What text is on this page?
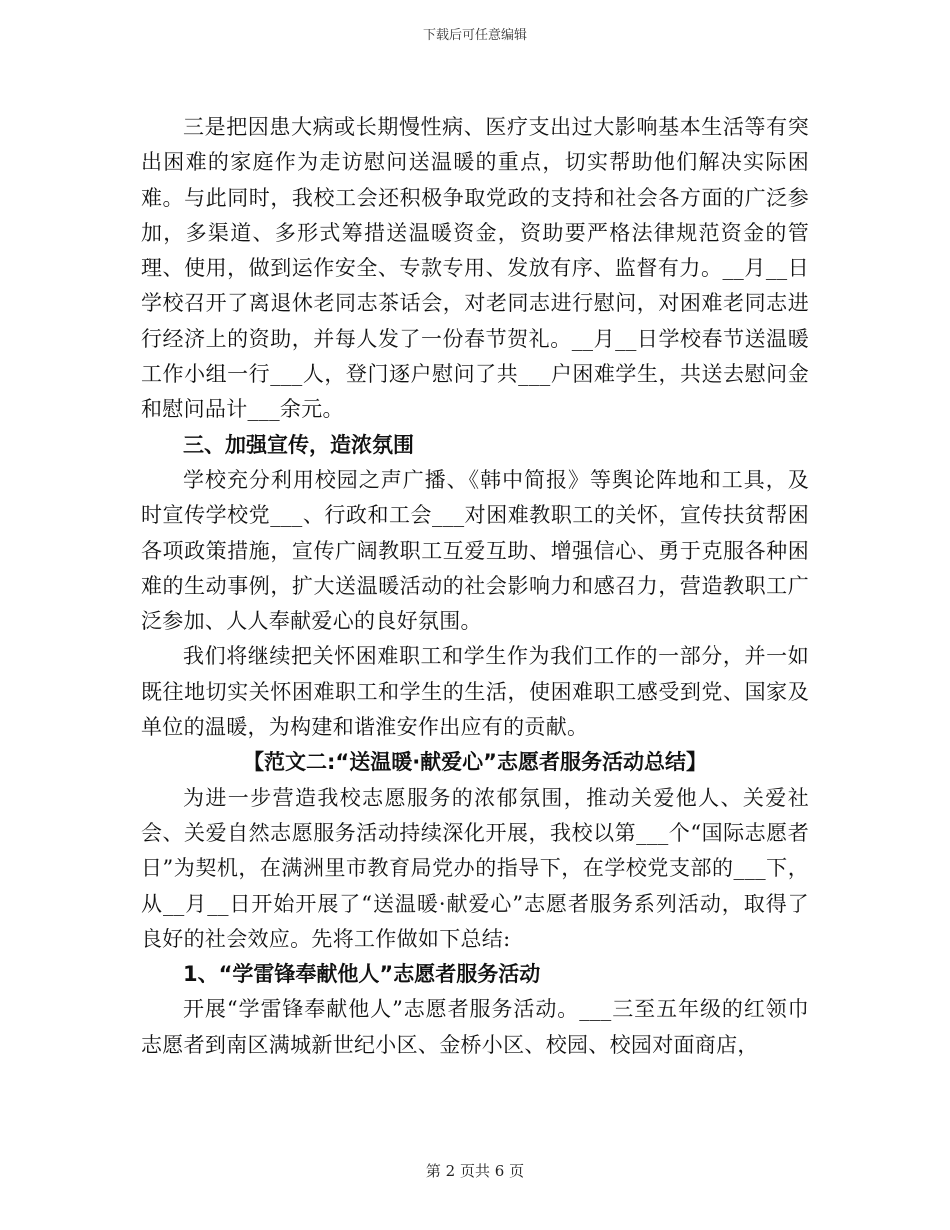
下载后可任意编辑

三是把因患大病或长期慢性病、医疗支出过大影响基本生活等有突出困难的家庭作为走访慰问送温暖的重点，切实帮助他们解决实际困难。与此同时，我校工会还积极争取党政的支持和社会各方面的广泛参加，多渠道、多形式筹措送温暖资金，资助要严格法律规范资金的管理、使用，做到运作安全、专款专用、发放有序、监督有力。__月__日学校召开了离退休老同志茶话会，对老同志进行慰问，对困难老同志进行经济上的资助，并每人发了一份春节贺礼。__月__日学校春节送温暖工作小组一行___人，登门逐户慰问了共___户困难学生，共送去慰问金和慰问品计___余元。

三、加强宣传，造浓氛围

学校充分利用校园之声广播、《韩中简报》等舆论阵地和工具，及时宣传学校党___、行政和工会___对困难教职工的关怀，宣传扶贫帮困各项政策措施，宣传广阔教职工互爱互助、增强信心、勇于克服各种困难的生动事例，扩大送温暖活动的社会影响力和感召力，营造教职工广泛参加、人人奉献爱心的良好氛围。

我们将继续把关怀困难职工和学生作为我们工作的一部分，并一如既往地切实关怀困难职工和学生的生活，使困难职工感受到党、国家及单位的温暖，为构建和谐淮安作出应有的贡献。

【范文二:“送温暖·献爱心”志愿者服务活动总结】

为进一步营造我校志愿服务的浓郁氛围，推动关爱他人、关爱社会、关爱自然志愿服务活动持续深化开展，我校以第___个“国际志愿者日”为契机，在满洲里市教育局党办的指导下，在学校党支部的___下，从__月__日开始开展了“送温暖·献爱心”志愿者服务系列活动，取得了良好的社会效应。先将工作做如下总结:

1、“学雷锋奉献他人”志愿者服务活动

开展“学雷锋奉献他人”志愿者服务活动。___三至五年级的红领巾志愿者到南区满城新世纪小区、金桥小区、校园、校园对面商店，

第 2 页共 6 页
